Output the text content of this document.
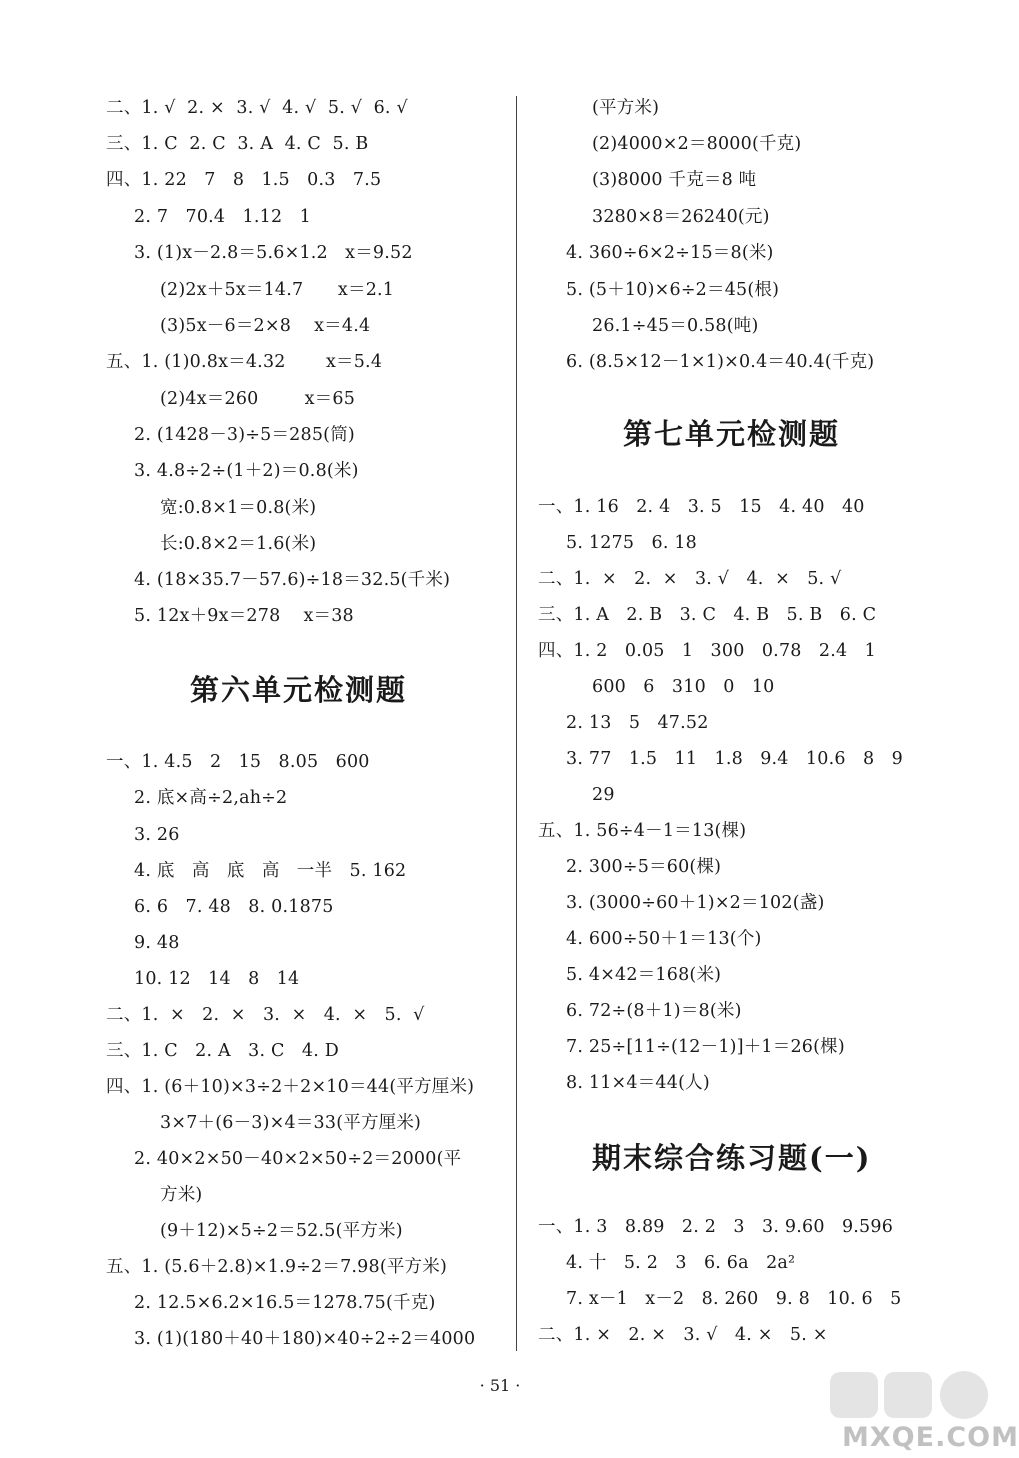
二、1. √  2. ×  3. √  4. √  5. √  6. √
三、1. C  2. C  3. A  4. C  5. B
四、1. 22   7   8   1.5   0.3   7.5
2. 7   70.4   1.12   1
3. (1)x－2.8＝5.6×1.2   x＝9.52
(2)2x＋5x＝14.7      x＝2.1
(3)5x－6＝2×8    x＝4.4
五、1. (1)0.8x＝4.32       x＝5.4
(2)4x＝260        x＝65
2. (1428－3)÷5＝285(筒)
3. 4.8÷2÷(1＋2)＝0.8(米)
宽:0.8×1＝0.8(米)
长:0.8×2＝1.6(米)
4. (18×35.7－57.6)÷18＝32.5(千米)
5. 12x＋9x＝278    x＝38
第六单元检测题
一、1. 4.5   2   15   8.05   600
2. 底×高÷2,ah÷2
3. 26
4. 底   高   底   高   一半   5. 162
6. 6   7. 48   8. 0.1875
9. 48
10. 12   14   8   14
二、1.  ×   2.  ×   3.  ×   4.  ×   5.  √
三、1. C   2. A   3. C   4. D
四、1. (6＋10)×3÷2＋2×10＝44(平方厘米)
3×7＋(6－3)×4＝33(平方厘米)
2. 40×2×50－40×2×50÷2＝2000(平
方米)
(9＋12)×5÷2＝52.5(平方米)
五、1. (5.6＋2.8)×1.9÷2＝7.98(平方米)
2. 12.5×6.2×16.5＝1278.75(千克)
3. (1)(180＋40＋180)×40÷2÷2＝4000
(平方米)
(2)4000×2＝8000(千克)
(3)8000 千克＝8 吨
3280×8＝26240(元)
4. 360÷6×2÷15＝8(米)
5. (5＋10)×6÷2＝45(根)
26.1÷45＝0.58(吨)
6. (8.5×12－1×1)×0.4＝40.4(千克)
第七单元检测题
一、1. 16   2. 4   3. 5   15   4. 40   40
5. 1275   6. 18
二、1.  ×   2.  ×   3. √   4.  ×   5. √
三、1. A   2. B   3. C   4. B   5. B   6. C
四、1. 2   0.05   1   300   0.78   2.4   1
600   6   310   0   10
2. 13   5   47.52
3. 77   1.5   11   1.8   9.4   10.6   8   9
29
五、1. 56÷4－1＝13(棵)
2. 300÷5＝60(棵)
3. (3000÷60＋1)×2＝102(盏)
4. 600÷50＋1＝13(个)
5. 4×42＝168(米)
6. 72÷(8＋1)＝8(米)
7. 25÷[11÷(12－1)]＋1＝26(棵)
8. 11×4＝44(人)
期末综合练习题(一)
一、1. 3   8.89   2. 2   3   3. 9.60   9.596
4. 十   5. 2   3   6. 6a   2a²
7. x－1   x－2   8. 260   9. 8   10. 6   5
二、1. ×   2. ×   3. √   4. ×   5. ×
· 51 ·
MXQE.COM
